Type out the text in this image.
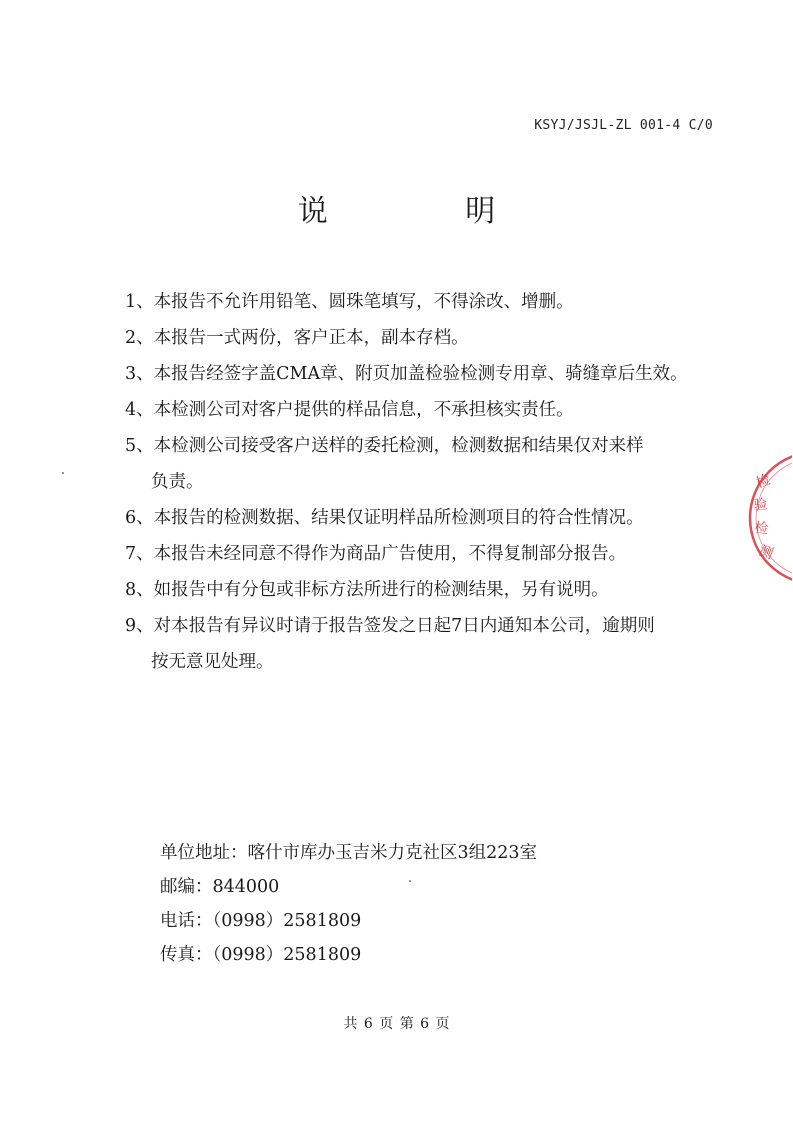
KSYJ/JSJL-ZL 001-4 C/0
说 明
1、本报告不允许用铅笔、圆珠笔填写，不得涂改、增删。
2、本报告一式两份，客户正本，副本存档。
3、本报告经签字盖CMA章、附页加盖检验检测专用章、骑缝章后生效。
4、本检测公司对客户提供的样品信息，不承担核实责任。
5、本检测公司接受客户送样的委托检测，检测数据和结果仅对来样
负责。
6、本报告的检测数据、结果仅证明样品所检测项目的符合性情况。
7、本报告未经同意不得作为商品广告使用，不得复制部分报告。
8、如报告中有分包或非标方法所进行的检测结果，另有说明。
9、对本报告有异议时请于报告签发之日起7日内通知本公司，逾期则
按无意见处理。
单位地址：喀什市库办玉吉米力克社区3组223室
邮编：844000
电话：（0998）2581809
传真：（0998）2581809
共 6 页 第 6 页
检
验
检
测
